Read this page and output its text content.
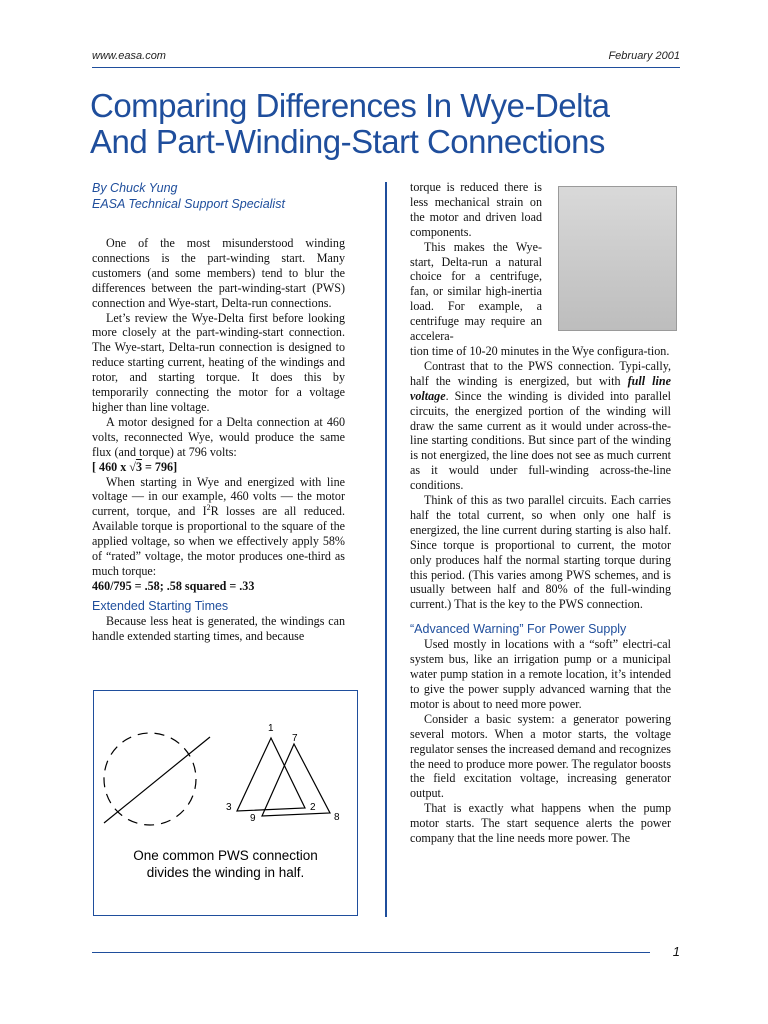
www.easa.com	February 2001
Comparing Differences In Wye-Delta
And Part-Winding-Start Connections
By Chuck Yung
EASA Technical Support Specialist

One of the most misunderstood winding connections is the part-winding start. Many customers (and some members) tend to blur the differences between the part-winding-start (PWS) connection and Wye-start, Delta-run connections.

Let’s review the Wye-Delta first before looking more closely at the part-winding-start connection. The Wye-start, Delta-run connection is designed to reduce starting current, heating of the windings and rotor, and starting torque. It does this by temporarily connecting the motor for a voltage higher than line voltage.

A motor designed for a Delta connection at 460 volts, reconnected Wye, would produce the same flux (and torque) at 796 volts:

[ 460 x √3 = 796]

When starting in Wye and energized with line voltage — in our example, 460 volts — the motor current, torque, and $I^2R$ losses are all reduced. Available torque is proportional to the square of the applied voltage, so when we effectively apply 58% of “rated” voltage, the motor produces one-third as much torque:

460/795 = .58; .58 squared = .33

Extended Starting Times

Because less heat is generated, the windings can handle extended starting times, and because

1
7
3	2
9	8
One common PWS connection
divides the winding in half.

torque is reduced there is less mechanical strain on the motor and driven load components.

This makes the Wye-start, Delta-run a natural choice for a centrifuge, fan, or similar high-inertia load. For example, a centrifuge may require an accelera-

tion time of 10-20 minutes in the Wye configura-tion.

Contrast that to the PWS connection. Typi-cally, half the winding is energized, but with full line voltage. Since the winding is divided into parallel circuits, the energized portion of the winding will draw the same current as it would under across-the-line starting conditions. But since part of the winding is not energized, the line does not see as much current as it would under full-winding across-the-line conditions.

Think of this as two parallel circuits. Each carries half the total current, so when only one half is energized, the line current during starting is also half. Since torque is proportional to current, the motor only produces half the normal starting torque during this period. (This varies among PWS schemes, and is usually between half and 80% of the full-winding current.) That is the key to the PWS connection.

“Advanced Warning” For Power Supply

Used mostly in locations with a “soft” electri-cal system bus, like an irrigation pump or a municipal water pump station in a remote location, it’s intended to give the power supply advanced warning that the motor is about to need more power.

Consider a basic system: a generator powering several motors. When a motor starts, the voltage regulator senses the increased demand and recognizes the need to produce more power. The regulator boosts the field excitation voltage, increasing generator output.

That is exactly what happens when the pump motor starts. The start sequence alerts the power company that the line needs more power. The

1
